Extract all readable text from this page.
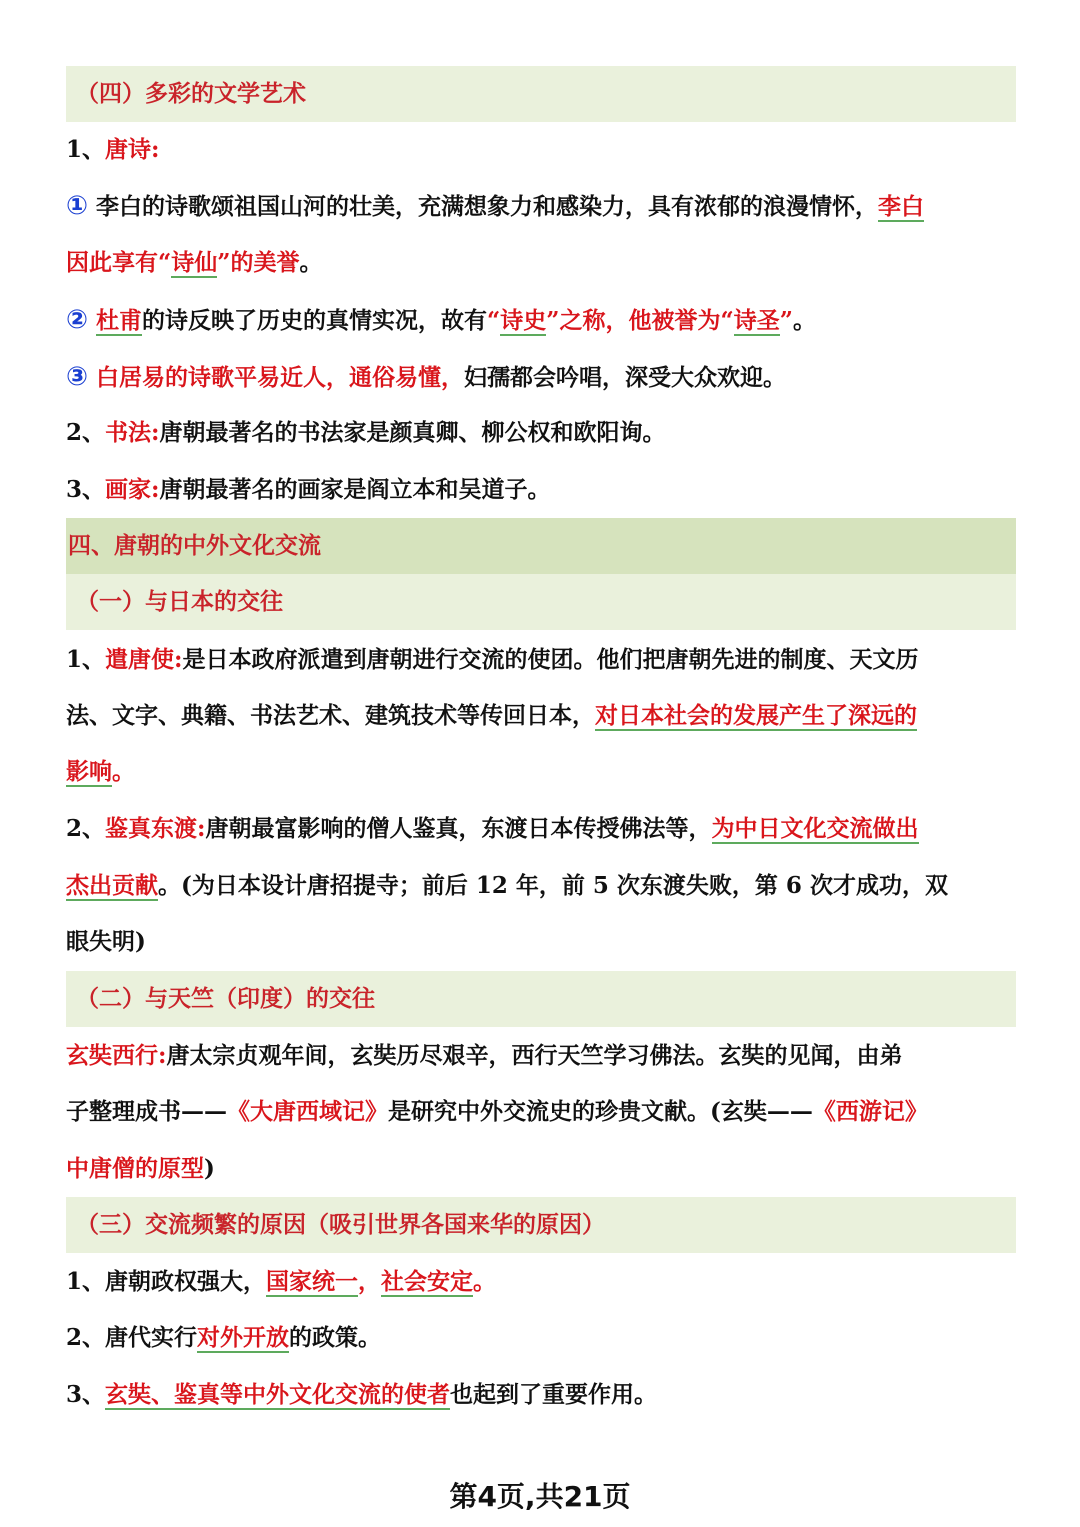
（四）多彩的文学艺术
1、唐诗:
① 李白的诗歌颂祖国山河的壮美，充满想象力和感染力，具有浓郁的浪漫情怀，李白
因此享有“诗仙”的美誉。
② 杜甫的诗反映了历史的真情实况，故有“诗史”之称，他被誉为“诗圣”。
③ 白居易的诗歌平易近人，通俗易懂，妇孺都会吟唱，深受大众欢迎。
2、书法:唐朝最著名的书法家是颜真卿、柳公权和欧阳询。
3、画家:唐朝最著名的画家是阎立本和吴道子。
四、唐朝的中外文化交流
（一）与日本的交往
1、遣唐使:是日本政府派遣到唐朝进行交流的使团。他们把唐朝先进的制度、天文历
法、文字、典籍、书法艺术、建筑技术等传回日本，对日本社会的发展产生了深远的
影响。
2、鉴真东渡:唐朝最富影响的僧人鉴真，东渡日本传授佛法等，为中日文化交流做出
杰出贡献。(为日本设计唐招提寺；前后 12 年，前 5 次东渡失败，第 6 次才成功，双
眼失明)
（二）与天竺（印度）的交往
玄奘西行:唐太宗贞观年间，玄奘历尽艰辛，西行天竺学习佛法。玄奘的见闻，由弟
子整理成书——《大唐西域记》是研究中外交流史的珍贵文献。(玄奘——《西游记》
中唐僧的原型)
（三）交流频繁的原因（吸引世界各国来华的原因）
1、唐朝政权强大，国家统一，社会安定。
2、唐代实行对外开放的政策。
3、玄奘、鉴真等中外文化交流的使者也起到了重要作用。
第4页,共21页
